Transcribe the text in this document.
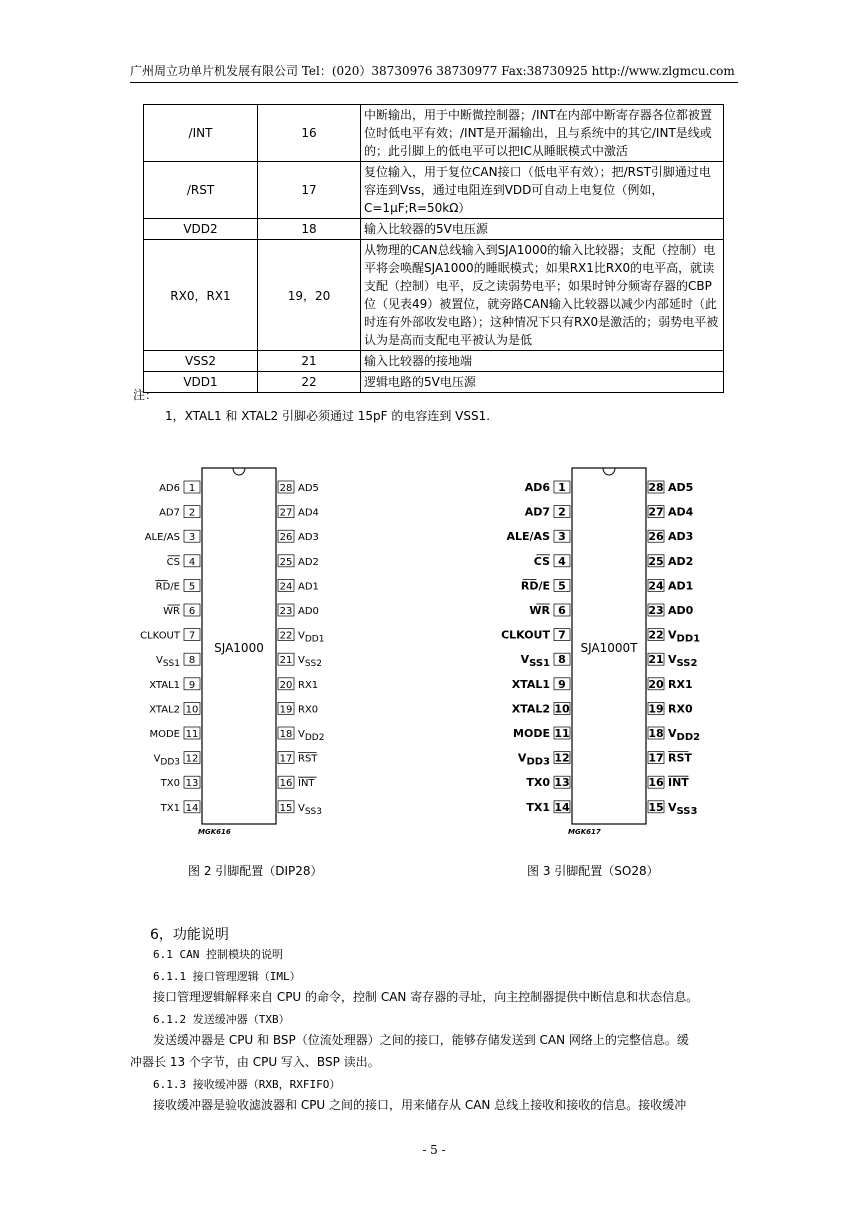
广州周立功单片机发展有限公司 Tel：(020）38730976 38730977 Fax:38730925 http://www.zlgmcu.com
/INT	16	中断输出，用于中断微控制器；/INT在内部中断寄存器各位都被置位时低电平有效；/INT是开漏输出，且与系统中的其它/INT是线或的；此引脚上的低电平可以把IC从睡眠模式中激活
/RST	17	复位输入，用于复位CAN接口（低电平有效）；把/RST引脚通过电容连到Vss，通过电阻连到VDD可自动上电复位（例如，C=1μF;R=50kΩ）
VDD2	18	输入比较器的5V电压源
RX0，RX1	19，20	从物理的CAN总线输入到SJA1000的输入比较器；支配（控制）电平将会唤醒SJA1000的睡眠模式；如果RX1比RX0的电平高，就读支配（控制）电平，反之读弱势电平；如果时钟分频寄存器的CBP位（见表49）被置位，就旁路CAN输入比较器以减少内部延时（此时连有外部收发电路）；这种情况下只有RX0是激活的；弱势电平被认为是高而支配电平被认为是低
VSS2	21	输入比较器的接地端
VDD1	22	逻辑电路的5V电压源
注：
1，XTAL1 和 XTAL2 引脚必须通过 15pF 的电容连到 VSS1.
SJA1000
MGK616
1
AD6
2
AD7
3
ALE/AS
4
CS
5
RD/E
6
WR
7
CLKOUT
8
VSS1
9
XTAL1
10
XTAL2
11
MODE
12
VDD3
13
TX0
14
TX1
28 AD5
27 AD4
26 AD3
25 AD2
24 AD1
23 AD0
22 VDD1
21 VSS2
20 RX1
19 RX0
18 VDD2
17 RST
16 INT
15 VSS3
图 2 引脚配置（DIP28）
SJA1000T
MGK617
1
AD6
2
AD7
3
ALE/AS
4
CS
5
RD/E
6
WR
7
CLKOUT
8
VSS1
9
XTAL1
10
XTAL2
11
MODE
12
VDD3
13
TX0
14
TX1
28 AD5
27 AD4
26 AD3
25 AD2
24 AD1
23 AD0
22 VDD1
21 VSS2
20 RX1
19 RX0
18 VDD2
17 RST
16 INT
15 VSS3
图 3 引脚配置（SO28）
6，功能说明
6.1 CAN 控制模块的说明
6.1.1 接口管理逻辑（IML）
接口管理逻辑解释来自 CPU 的命令，控制 CAN 寄存器的寻址，向主控制器提供中断信息和状态信息。
6.1.2 发送缓冲器（TXB）
发送缓冲器是 CPU 和 BSP（位流处理器）之间的接口，能够存储发送到 CAN 网络上的完整信息。缓
冲器长 13 个字节，由 CPU 写入、BSP 读出。
6.1.3 接收缓冲器（RXB，RXFIFO）
接收缓冲器是验收滤波器和 CPU 之间的接口，用来储存从 CAN 总线上接收和接收的信息。接收缓冲
- 5 -
